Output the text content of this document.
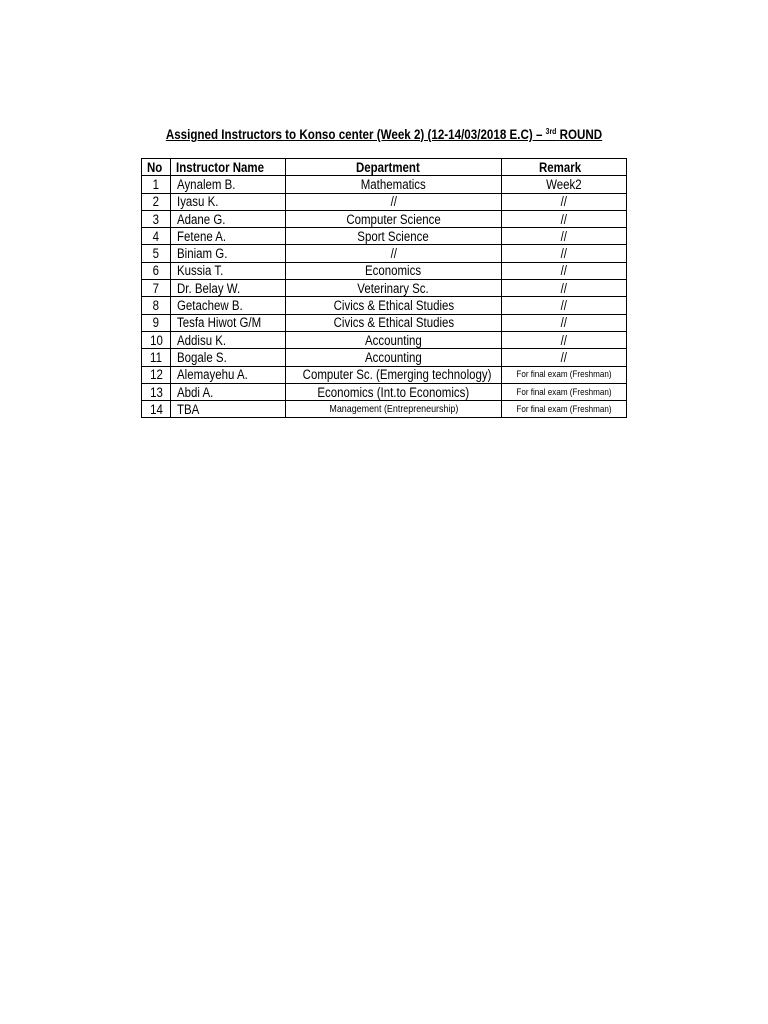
Assigned Instructors to Konso center (Week 2) (12-14/03/2018 E.C) – $^{3rd}$ ROUND
No	Instructor Name	Department	Remark
1	Aynalem B.	Mathematics	Week2
2	Iyasu K.	//	//
3	Adane G.	Computer Science	//
4	Fetene A.	Sport Science	//
5	Biniam G.	//	//
6	Kussia T.	Economics	//
7	Dr. Belay W.	Veterinary Sc.	//
8	Getachew B.	Civics & Ethical Studies	//
9	Tesfa Hiwot G/M	Civics & Ethical Studies	//
10	Addisu K.	Accounting	//
11	Bogale S.	Accounting	//
12	Alemayehu A.	Computer Sc. (Emerging technology)	For final exam (Freshman)
13	Abdi A.	Economics (Int.to Economics)	For final exam (Freshman)
14	TBA	Management (Entrepreneurship)	For final exam (Freshman)
